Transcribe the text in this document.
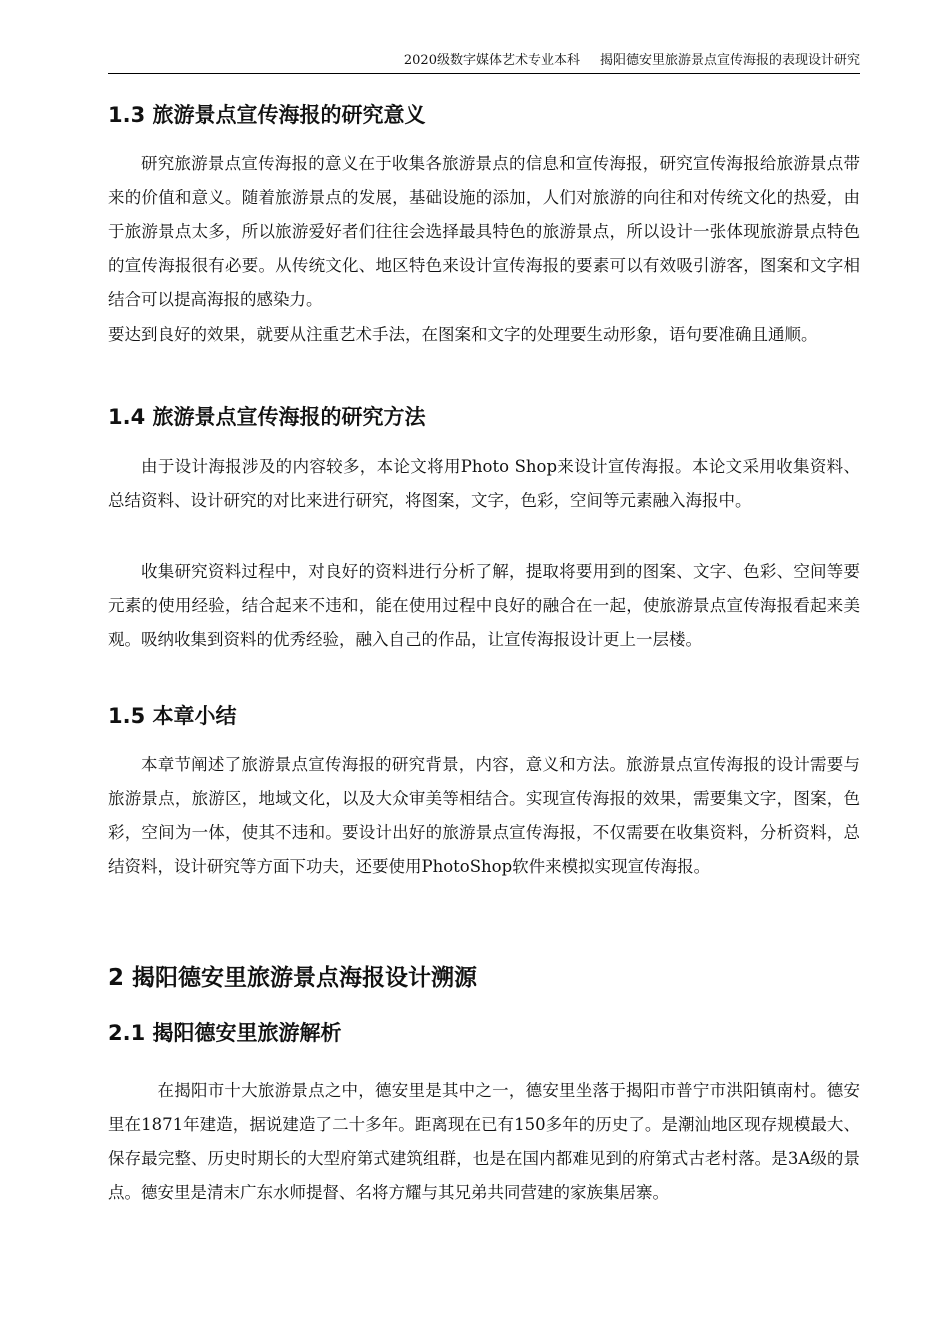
2020级数字媒体艺术专业本科 揭阳德安里旅游景点宣传海报的表现设计研究
1.3 旅游景点宣传海报的研究意义
研究旅游景点宣传海报的意义在于收集各旅游景点的信息和宣传海报，研究宣传海报给旅游景点带来的价值和意义。随着旅游景点的发展，基础设施的添加，人们对旅游的向往和对传统文化的热爱，由于旅游景点太多，所以旅游爱好者们往往会选择最具特色的旅游景点，所以设计一张体现旅游景点特色的宣传海报很有必要。从传统文化、地区特色来设计宣传海报的要素可以有效吸引游客，图案和文字相结合可以提高海报的感染力。
要达到良好的效果，就要从注重艺术手法，在图案和文字的处理要生动形象，语句要准确且通顺。
1.4 旅游景点宣传海报的研究方法
由于设计海报涉及的内容较多，本论文将用Photo Shop来设计宣传海报。本论文采用收集资料、总结资料、设计研究的对比来进行研究，将图案，文字，色彩，空间等元素融入海报中。
收集研究资料过程中，对良好的资料进行分析了解，提取将要用到的图案、文字、色彩、空间等要元素的使用经验，结合起来不违和，能在使用过程中良好的融合在一起，使旅游景点宣传海报看起来美观。吸纳收集到资料的优秀经验，融入自己的作品，让宣传海报设计更上一层楼。
1.5 本章小结
本章节阐述了旅游景点宣传海报的研究背景，内容，意义和方法。旅游景点宣传海报的设计需要与旅游景点，旅游区，地域文化，以及大众审美等相结合。实现宣传海报的效果，需要集文字，图案，色彩，空间为一体，使其不违和。要设计出好的旅游景点宣传海报，不仅需要在收集资料，分析资料，总结资料，设计研究等方面下功夫，还要使用PhotoShop软件来模拟实现宣传海报。
2 揭阳德安里旅游景点海报设计溯源
2.1 揭阳德安里旅游解析
在揭阳市十大旅游景点之中，德安里是其中之一，德安里坐落于揭阳市普宁市洪阳镇南村。德安里在1871年建造，据说建造了二十多年。距离现在已有150多年的历史了。是潮汕地区现存规模最大、保存最完整、历史时期长的大型府第式建筑组群，也是在国内都难见到的府第式古老村落。是3A级的景点。德安里是清末广东水师提督、名将方耀与其兄弟共同营建的家族集居寨。
